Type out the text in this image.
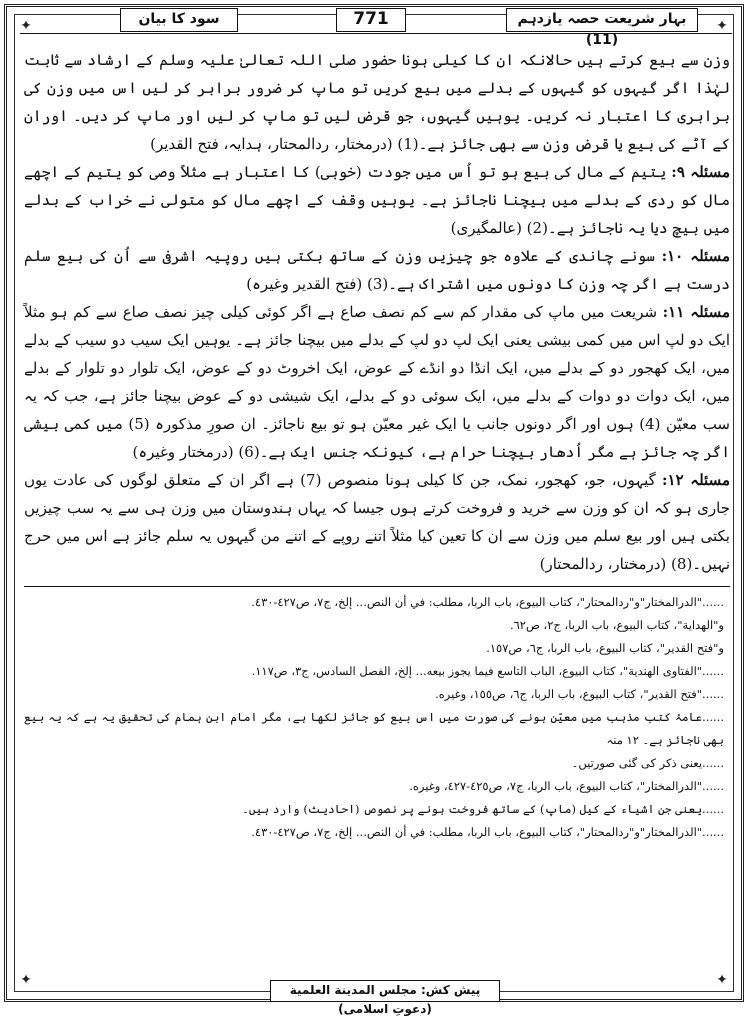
✦	✦
✦	✦
سود کا بیان	771	بہار شریعت حصہ یازدہم (11)

وزن سے بیع کرتے ہیں حالانکہ ان کا کیلی ہونا حضور صلی اللہ تعالیٰ علیہ وسلم کے ارشاد سے ثابت لہٰذا اگر گیہوں کو گیہوں کے بدلے میں بیع کریں تو ماپ کر ضرور برابر کر لیں اس میں وزن کی برابری کا اعتبار نہ کریں۔ یوہیں گیہوں، جو قرض لیں تو ماپ کر لیں اور ماپ کر دیں۔ اوران کے آٹے کی بیع یا قرض وزن سے بھی جائز ہے۔(1) (درمختار، ردالمحتار، ہدایہ، فتح القدیر)

مسئلہ ۹: یتیم کے مال کی بیع ہو تو اُس میں جودت (خوبی) کا اعتبار ہے مثلاً وصی کو یتیم کے اچھے مال کو ردی کے بدلے میں بیچنا ناجائز ہے۔ یوہیں وقف کے اچھے مال کو متولی نے خراب کے بدلے میں بیچ دیا یہ ناجائز ہے۔(2) (عالمگیری)

مسئلہ ۱۰: سونے چاندی کے علاوہ جو چیزیں وزن کے ساتھ بکتی ہیں روپیہ اشرفی سے اُن کی بیع سلم درست ہے اگر چہ وزن کا دونوں میں اشتراک ہے۔(3) (فتح القدیر وغیرہ)

مسئلہ ۱۱: شریعت میں ماپ کی مقدار کم سے کم نصف صاع ہے اگر کوئی کیلی چیز نصف صاع سے کم ہو مثلاً ایک دو لپ اس میں کمی بیشی یعنی ایک لپ دو لپ کے بدلے میں بیچنا جائز ہے۔ یوہیں ایک سیب دو سیب کے بدلے میں، ایک کھجور دو کے بدلے میں، ایک انڈا دو انڈے کے عوض، ایک اخروٹ دو کے عوض، ایک تلوار دو تلوار کے بدلے میں، ایک دوات دو دوات کے بدلے میں، ایک سوئی دو کے بدلے، ایک شیشی دو کے عوض بیچنا جائز ہے، جب کہ یہ سب معیّن (4) ہوں اور اگر دونوں جانب یا ایک غیر معیّن ہو تو بیع ناجائز۔ ان صورِ مذکورہ (5) میں کمی بیشی اگر چہ جائز ہے مگر اُدھار بیچنا حرام ہے، کیونکہ جنس ایک ہے۔(6) (درمختار وغیرہ)

مسئلہ ۱۲: گیہوں، جو، کھجور، نمک، جن کا کیلی ہونا منصوص (7) ہے اگر ان کے متعلق لوگوں کی عادت یوں جاری ہو کہ ان کو وزن سے خرید و فروخت کرتے ہوں جیسا کہ یہاں ہندوستان میں وزن ہی سے یہ سب چیزیں بکتی ہیں اور بیع سلم میں وزن سے ان کا تعین کیا مثلاً اتنے روپے کے اتنے من گیہوں یہ سلم جائز ہے اس میں حرج نہیں۔(8) (درمختار، ردالمحتار)

......"الدرالمختار"و"ردالمحتار"، كتاب البيوع، باب الربا، مطلب: في أن النص... إلخ، ج٧، ص٤٢٧-٤٣٠.

و"الهداية"، كتاب البيوع، باب الربا، ج٢، ص٦٢.

و"فتح القدير"، كتاب البيوع، باب الربا، ج٦، ص١٥٧.

......"الفتاوى الهندية"، كتاب البيوع، الباب التاسع فيما يجوز بيعه... إلخ، الفصل السادس، ج٣، ص١١٧.

......"فتح القدير"، كتاب البيوع، باب الربا، ج٦، ص١٥٥، وغيره.

......عامۂ کتب مذہب میں معیّن ہونے کی صورت میں اس بیع کو جائز لکھا ہے، مگر امام ابن ہمام کی تحقیق یہ ہے کہ یہ بیع بھی ناجائز ہے۔ ۱۲ منہ

......یعنی ذکر کی گئی صورتیں۔

......"الدرالمختار"، كتاب البيوع، باب الربا، ج٧، ص٤٢٥-٤٢٧، وغيره.

......یعنی جن اشیاء کے کیل (ماپ) کے ساتھ فروخت ہونے پر نصوص (احادیث) وارد ہیں۔

......"الدرالمختار"و"ردالمحتار"، كتاب البيوع، باب الربا، مطلب: في أن النص... إلخ، ج٧، ص٤٢٧-٤٣٠.

پیش کش: مجلس المدينة العلمية (دعوتِ اسلامی)
